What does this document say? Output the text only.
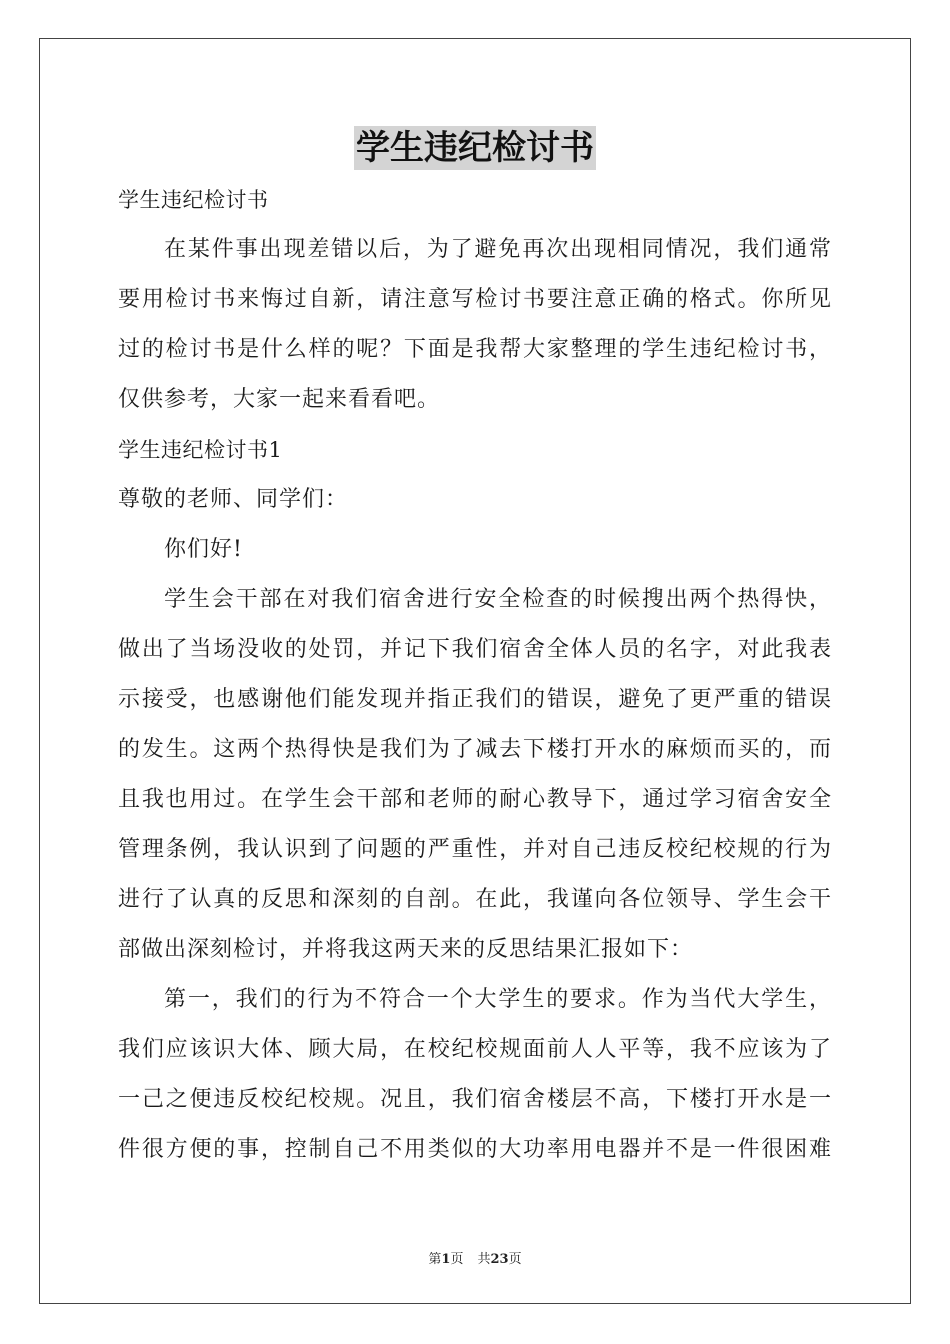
学生违纪检讨书
学生违纪检讨书
在某件事出现差错以后，为了避免再次出现相同情况，我们通常
要用检讨书来悔过自新，请注意写检讨书要注意正确的格式。你所见
过的检讨书是什么样的呢？下面是我帮大家整理的学生违纪检讨书，
仅供参考，大家一起来看看吧。
学生违纪检讨书1
尊敬的老师、同学们：
你们好!
学生会干部在对我们宿舍进行安全检查的时候搜出两个热得快，
做出了当场没收的处罚，并记下我们宿舍全体人员的名字，对此我表
示接受，也感谢他们能发现并指正我们的错误，避免了更严重的错误
的发生。这两个热得快是我们为了减去下楼打开水的麻烦而买的，而
且我也用过。在学生会干部和老师的耐心教导下，通过学习宿舍安全
管理条例，我认识到了问题的严重性，并对自己违反校纪校规的行为
进行了认真的反思和深刻的自剖。在此，我谨向各位领导、学生会干
部做出深刻检讨，并将我这两天来的反思结果汇报如下：
第一，我们的行为不符合一个大学生的要求。作为当代大学生，
我们应该识大体、顾大局，在校纪校规面前人人平等，我不应该为了
一己之便违反校纪校规。况且，我们宿舍楼层不高，下楼打开水是一
件很方便的事，控制自己不用类似的大功率用电器并不是一件很困难
第1页 共23页
